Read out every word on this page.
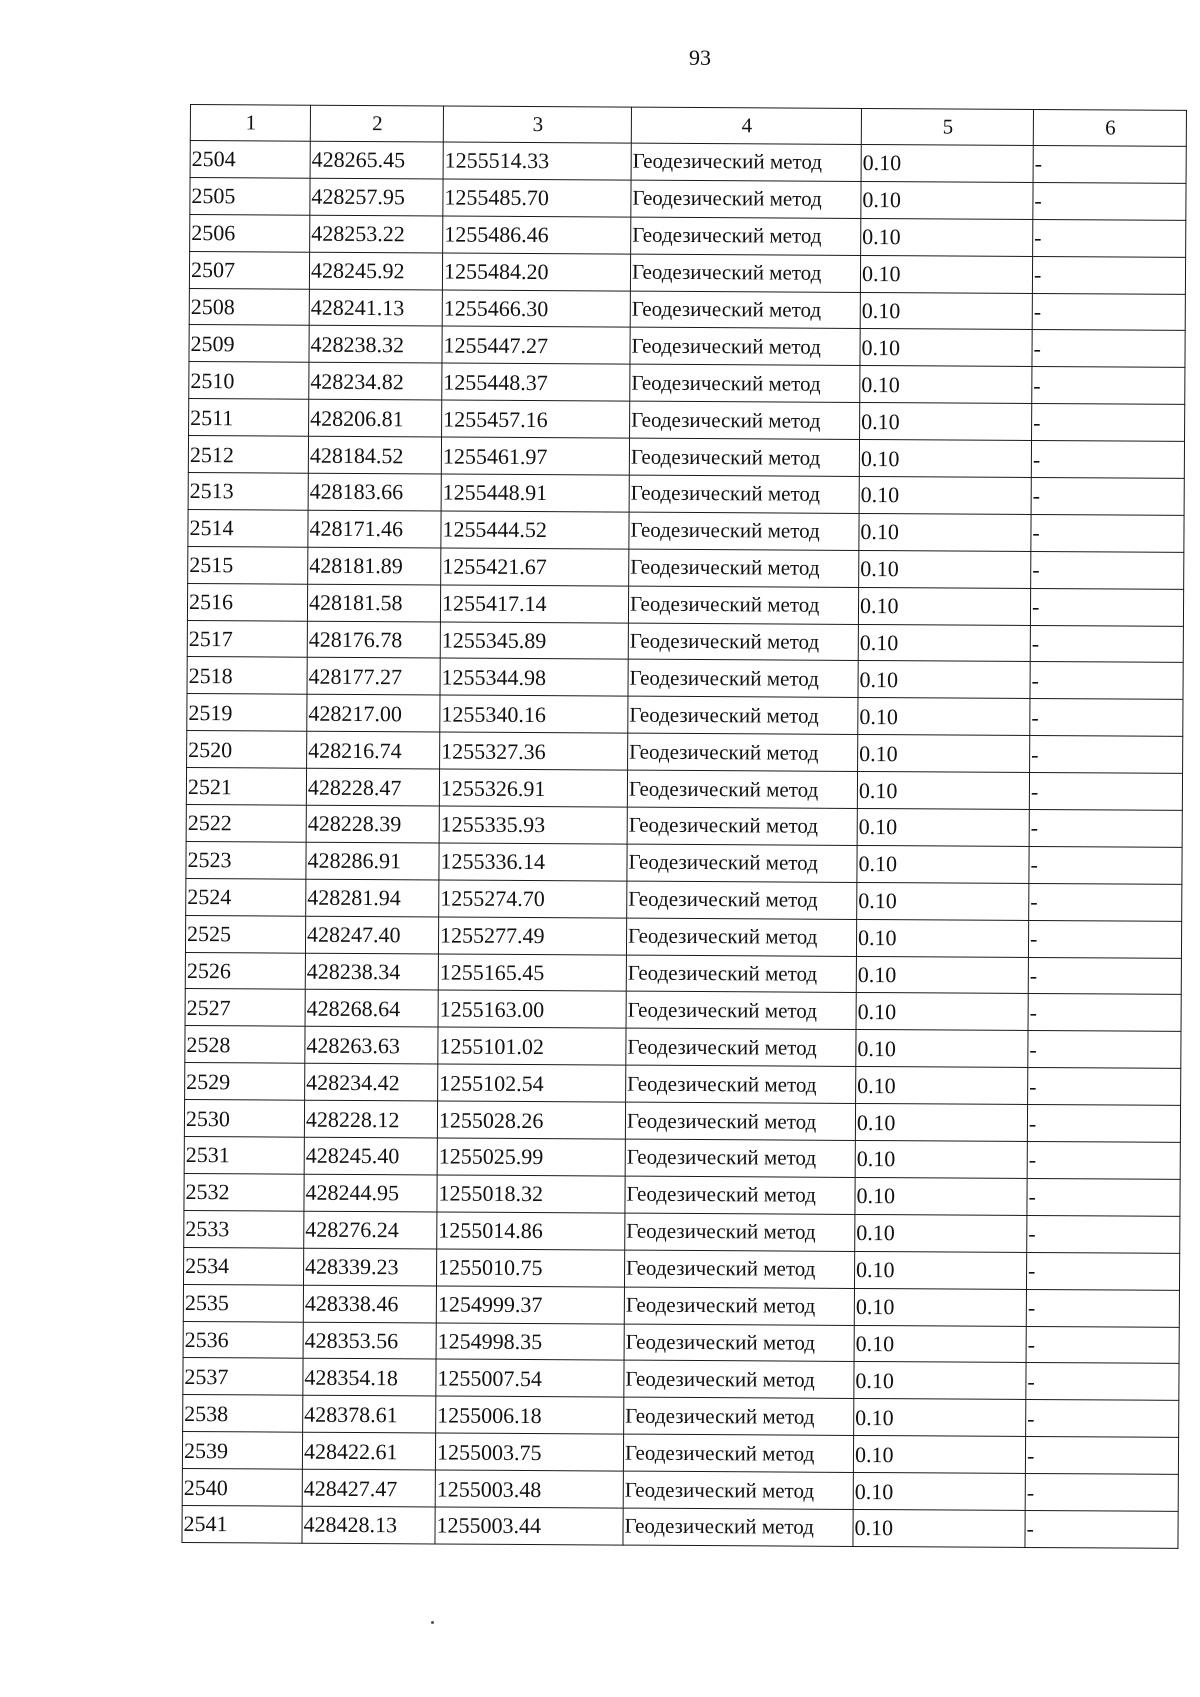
93
1	2	3	4	5	6
2504	428265.45	1255514.33	Геодезический метод	0.10	-
2505	428257.95	1255485.70	Геодезический метод	0.10	-
2506	428253.22	1255486.46	Геодезический метод	0.10	-
2507	428245.92	1255484.20	Геодезический метод	0.10	-
2508	428241.13	1255466.30	Геодезический метод	0.10	-
2509	428238.32	1255447.27	Геодезический метод	0.10	-
2510	428234.82	1255448.37	Геодезический метод	0.10	-
2511	428206.81	1255457.16	Геодезический метод	0.10	-
2512	428184.52	1255461.97	Геодезический метод	0.10	-
2513	428183.66	1255448.91	Геодезический метод	0.10	-
2514	428171.46	1255444.52	Геодезический метод	0.10	-
2515	428181.89	1255421.67	Геодезический метод	0.10	-
2516	428181.58	1255417.14	Геодезический метод	0.10	-
2517	428176.78	1255345.89	Геодезический метод	0.10	-
2518	428177.27	1255344.98	Геодезический метод	0.10	-
2519	428217.00	1255340.16	Геодезический метод	0.10	-
2520	428216.74	1255327.36	Геодезический метод	0.10	-
2521	428228.47	1255326.91	Геодезический метод	0.10	-
2522	428228.39	1255335.93	Геодезический метод	0.10	-
2523	428286.91	1255336.14	Геодезический метод	0.10	-
2524	428281.94	1255274.70	Геодезический метод	0.10	-
2525	428247.40	1255277.49	Геодезический метод	0.10	-
2526	428238.34	1255165.45	Геодезический метод	0.10	-
2527	428268.64	1255163.00	Геодезический метод	0.10	-
2528	428263.63	1255101.02	Геодезический метод	0.10	-
2529	428234.42	1255102.54	Геодезический метод	0.10	-
2530	428228.12	1255028.26	Геодезический метод	0.10	-
2531	428245.40	1255025.99	Геодезический метод	0.10	-
2532	428244.95	1255018.32	Геодезический метод	0.10	-
2533	428276.24	1255014.86	Геодезический метод	0.10	-
2534	428339.23	1255010.75	Геодезический метод	0.10	-
2535	428338.46	1254999.37	Геодезический метод	0.10	-
2536	428353.56	1254998.35	Геодезический метод	0.10	-
2537	428354.18	1255007.54	Геодезический метод	0.10	-
2538	428378.61	1255006.18	Геодезический метод	0.10	-
2539	428422.61	1255003.75	Геодезический метод	0.10	-
2540	428427.47	1255003.48	Геодезический метод	0.10	-
2541	428428.13	1255003.44	Геодезический метод	0.10	-
